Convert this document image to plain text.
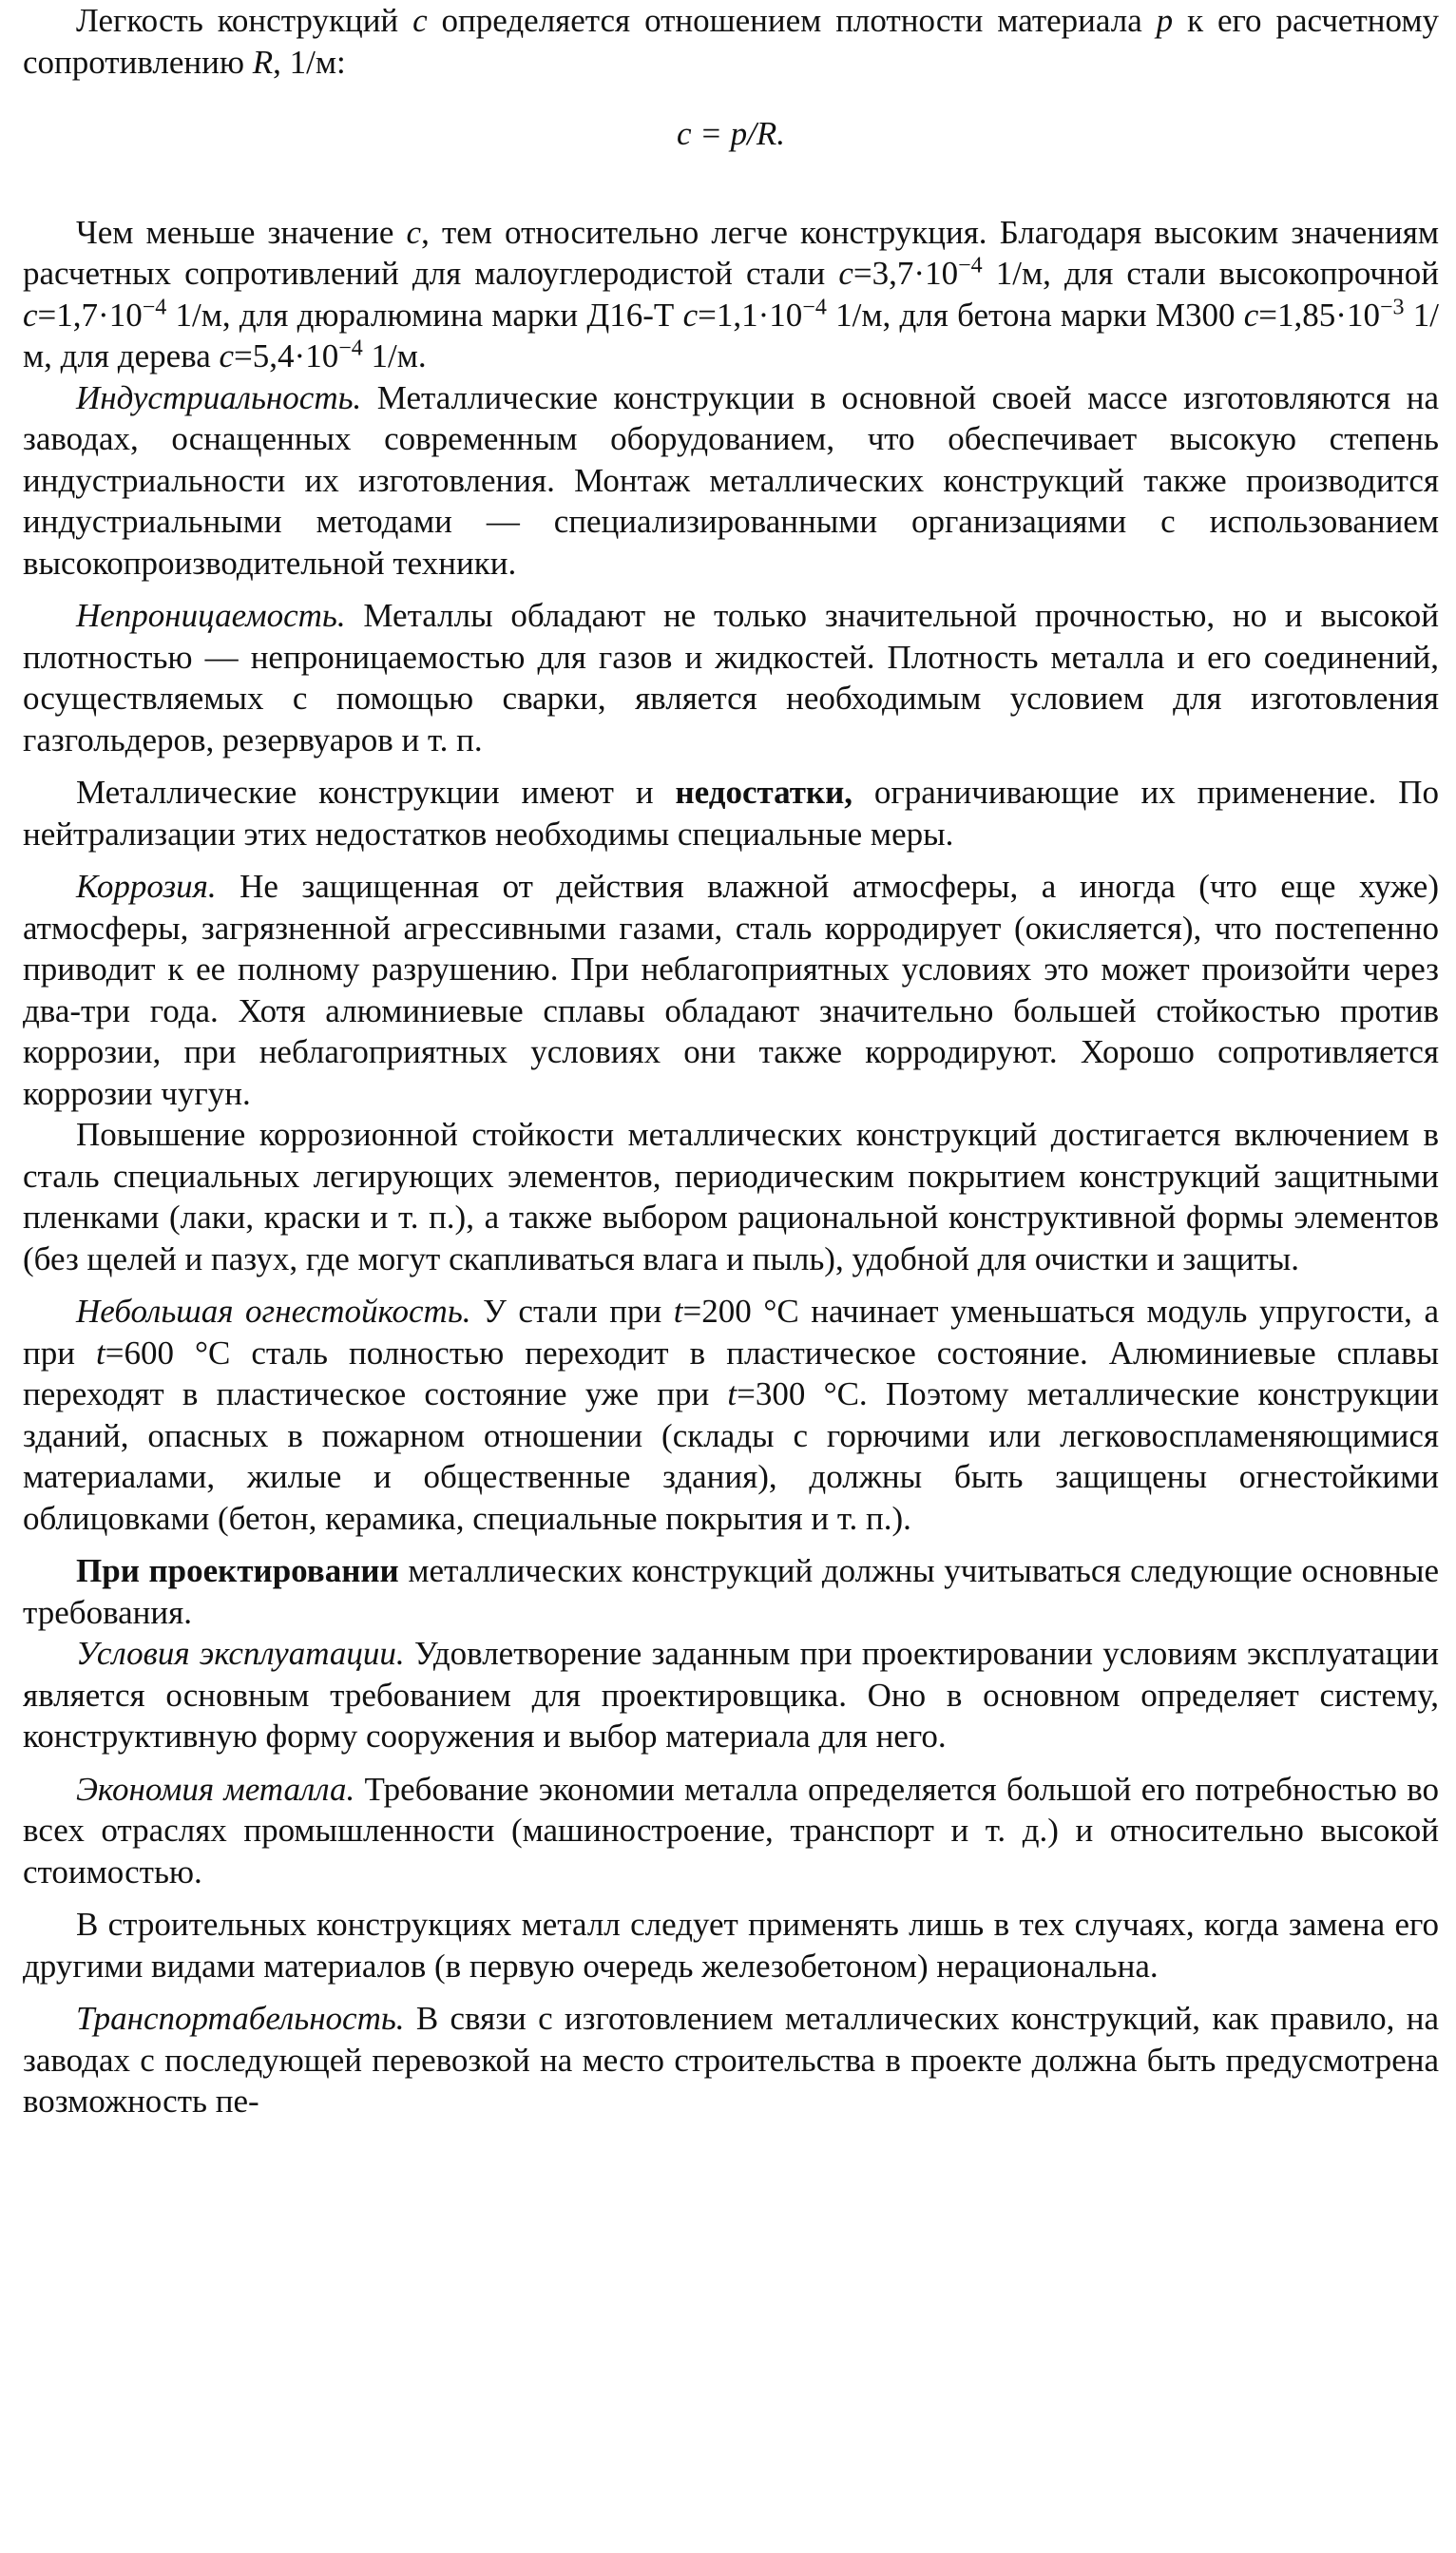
Легкость конструкций c определяется отношением плотности материала p к его расчетному сопротивлению R, 1/м:

c = p/R.

Чем меньше значение c, тем относительно легче конструкция. Благодаря высоким значениям расчетных сопротивлений для малоуглеродистой стали $c=3,7\cdot 10^{-4}$ 1/м, для стали высокопрочной $c=1,7\cdot 10^{-4}$ 1/м, для дюралюмина марки Д16-Т $c=1,1\cdot 10^{-4}$ 1/м, для бетона марки М300 $c=1,85\cdot 10^{-3}$ 1/м, для дерева $c=5,4\cdot 10^{-4}$ 1/м.

Индустриальность. Металлические конструкции в основной своей массе изготовляются на заводах, оснащенных современным оборудованием, что обеспечивает высокую степень индустриальности их изготовления. Монтаж металлических конструкций также производится индустриальными методами — специализированными организациями с использованием высокопроизводительной техники.

Непроницаемость. Металлы обладают не только значительной прочностью, но и высокой плотностью — непроницаемостью для газов и жидкостей. Плотность металла и его соединений, осуществляемых с помощью сварки, является необходимым условием для изготовления газгольдеров, резервуаров и т. п.

Металлические конструкции имеют и недостатки, ограничивающие их применение. По нейтрализации этих недостатков необходимы специальные меры.

Коррозия. Не защищенная от действия влажной атмосферы, а иногда (что еще хуже) атмосферы, загрязненной агрессивными газами, сталь корродирует (окисляется), что постепенно приводит к ее полному разрушению. При неблагоприятных условиях это может произойти через два-три года. Хотя алюминиевые сплавы обладают значительно большей стойкостью против коррозии, при неблагоприятных условиях они также корродируют. Хорошо сопротивляется коррозии чугун.

Повышение коррозионной стойкости металлических конструкций достигается включением в сталь специальных легирующих элементов, периодическим покрытием конструкций защитными пленками (лаки, краски и т. п.), а также выбором рациональной конструктивной формы элементов (без щелей и пазух, где могут скапливаться влага и пыль), удобной для очистки и защиты.

Небольшая огнестойкость. У стали при t=200 °C начинает уменьшаться модуль упругости, а при t=600 °C сталь полностью переходит в пластическое состояние. Алюминиевые сплавы переходят в пластическое состояние уже при t=300 °C. Поэтому металлические конструкции зданий, опасных в пожарном отношении (склады с горючими или легковоспламеняющимися материалами, жилые и общественные здания), должны быть защищены огнестойкими облицовками (бетон, керамика, специальные покрытия и т. п.).

При проектировании металлических конструкций должны учитываться следующие основные требования.

Условия эксплуатации. Удовлетворение заданным при проектировании условиям эксплуатации является основным требованием для проектировщика. Оно в основном определяет систему, конструктивную форму сооружения и выбор материала для него.

Экономия металла. Требование экономии металла определяется большой его потребностью во всех отраслях промышленности (машиностроение, транспорт и т. д.) и относительно высокой стоимостью.

В строительных конструкциях металл следует применять лишь в тех случаях, когда замена его другими видами материалов (в первую очередь железобетоном) нерациональна.

Транспортабельность. В связи с изготовлением металлических конструкций, как правило, на заводах с последующей перевозкой на место строительства в проекте должна быть предусмотрена возможность пе-
